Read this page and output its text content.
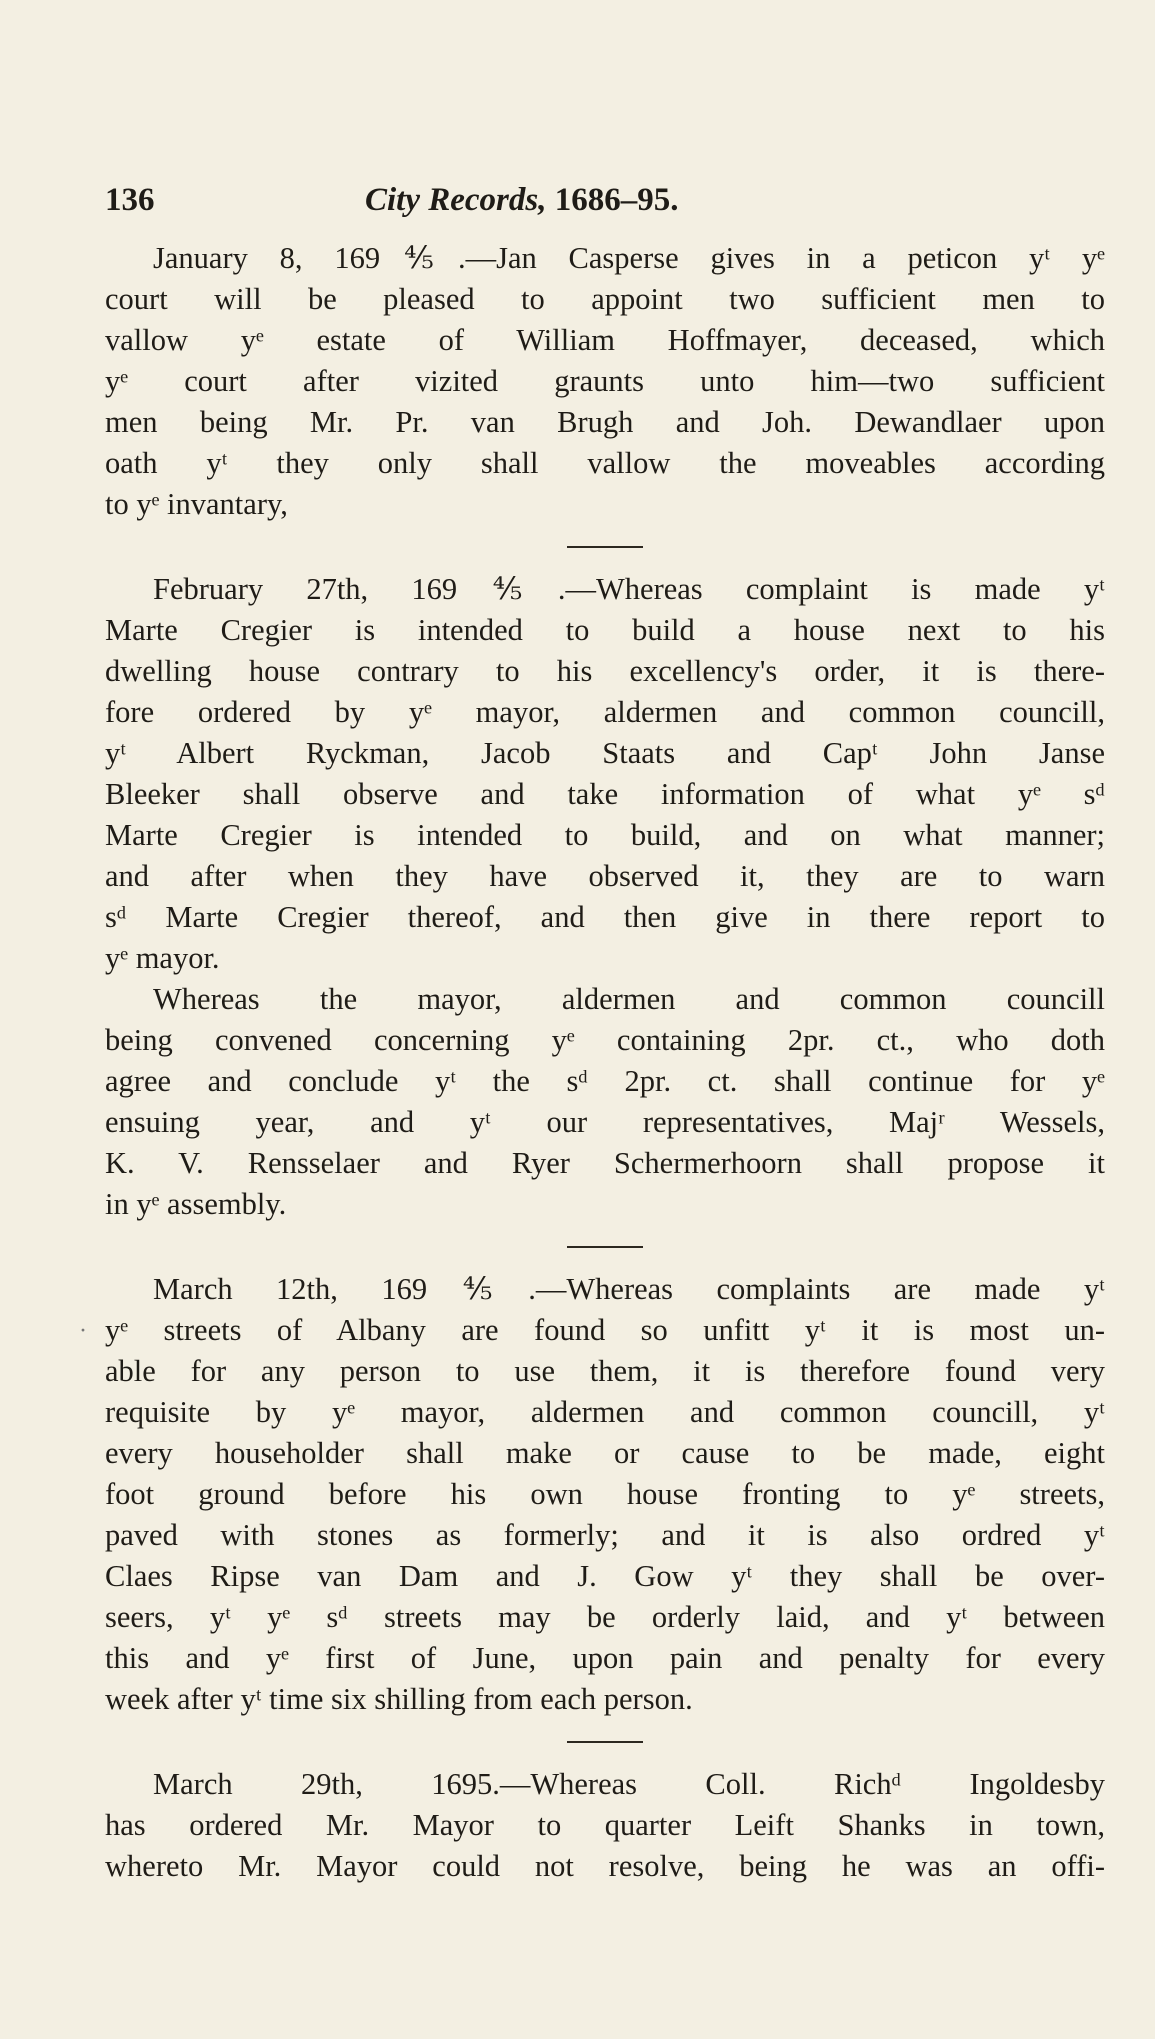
136	City Records, 1686–95.
January 8, 169⅘.—Jan Casperse gives in a peticon yᵗ yᵉ
court will be pleased to appoint two sufficient men to
vallow yᵉ estate of William Hoffmayer, deceased, which
yᵉ court after vizited graunts unto him—two sufficient
men being Mr. Pr. van Brugh and Joh. Dewandlaer upon
oath yᵗ they only shall vallow the moveables according
to yᵉ invantary,
February 27th, 169⅘.—Whereas complaint is made yᵗ
Marte Cregier is intended to build a house next to his
dwelling house contrary to his excellency's order, it is there-
fore ordered by yᵉ mayor, aldermen and common councill,
yᵗ Albert Ryckman, Jacob Staats and Capᵗ John Janse
Bleeker shall observe and take information of what yᵉ sᵈ
Marte Cregier is intended to build, and on what manner;
and after when they have observed it, they are to warn
sᵈ Marte Cregier thereof, and then give in there report to
yᵉ mayor.
Whereas the mayor, aldermen and common councill
being convened concerning yᵉ containing 2pr. ct., who doth
agree and conclude yᵗ the sᵈ 2pr. ct. shall continue for yᵉ
ensuing year, and yᵗ our representatives, Majʳ Wessels,
K. V. Rensselaer and Ryer Schermerhoorn shall propose it
in yᵉ assembly.
March 12th, 169⅘.—Whereas complaints are made yᵗ
yᵉ streets of Albany are found so unfitt yᵗ it is most un-
able for any person to use them, it is therefore found very
requisite by yᵉ mayor, aldermen and common councill, yᵗ
every householder shall make or cause to be made, eight
foot ground before his own house fronting to yᵉ streets,
paved with stones as formerly; and it is also ordred yᵗ
Claes Ripse van Dam and J. Gow yᵗ they shall be over-
seers, yᵗ yᵉ sᵈ streets may be orderly laid, and yᵗ between
this and yᵉ first of June, upon pain and penalty for every
week after yᵗ time six shilling from each person.
March 29th, 1695.—Whereas Coll. Richᵈ Ingoldesby
has ordered Mr. Mayor to quarter Leift Shanks in town,
whereto Mr. Mayor could not resolve, being he was an offi-
·
